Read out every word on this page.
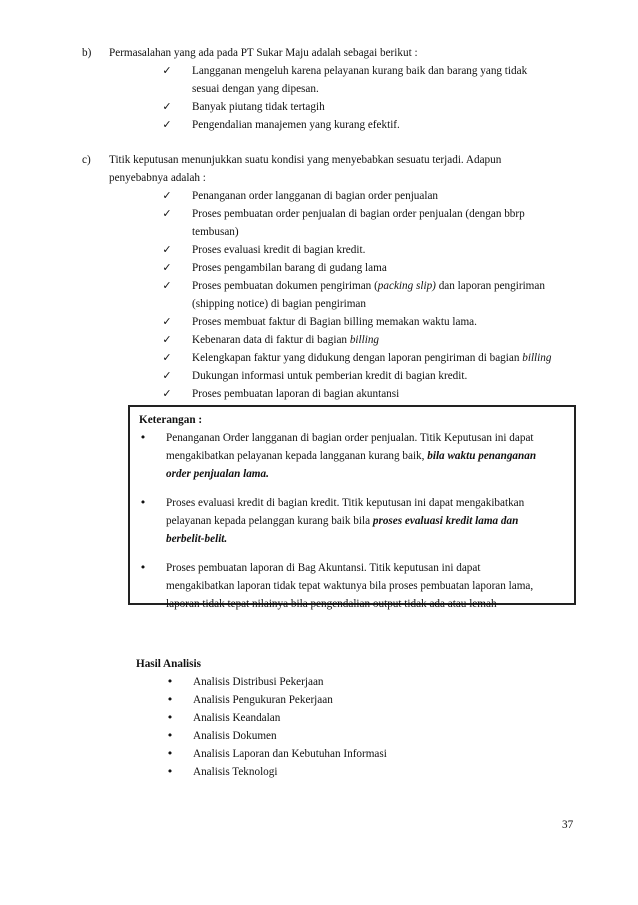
b) Permasalahan yang ada pada PT Sukar Maju adalah sebagai berikut :
✓ Langganan mengeluh karena pelayanan kurang baik dan barang yang tidak
sesuai dengan yang dipesan.
✓ Banyak piutang tidak tertagih
✓ Pengendalian manajemen yang kurang efektif.
c) Titik keputusan menunjukkan suatu kondisi yang menyebabkan sesuatu terjadi. Adapun
penyebabnya adalah :
✓ Penanganan order langganan di bagian order penjualan
✓ Proses pembuatan order penjualan di bagian order penjualan (dengan bbrp
tembusan)
✓ Proses evaluasi kredit di bagian kredit.
✓ Proses pengambilan barang di gudang lama
✓ Proses pembuatan dokumen pengiriman (packing slip) dan laporan pengiriman
(shipping notice) di bagian pengiriman
✓ Proses membuat faktur di Bagian billing memakan waktu lama.
✓ Kebenaran data di faktur di bagian billing
✓ Kelengkapan faktur yang didukung dengan laporan pengiriman di bagian billing
✓ Dukungan informasi untuk pemberian kredit di bagian kredit.
✓ Proses pembuatan laporan di bagian akuntansi
Keterangan :
•	Penanganan Order langganan di bagian order penjualan. Titik Keputusan ini dapat
mengakibatkan pelayanan kepada langganan kurang baik, bila waktu penanganan
order penjualan lama.
•	Proses evaluasi kredit di bagian kredit. Titik keputusan ini dapat mengakibatkan
pelayanan kepada pelanggan kurang baik bila proses evaluasi kredit lama dan
berbelit-belit.
•	Proses pembuatan laporan di Bag Akuntansi. Titik keputusan ini dapat
mengakibatkan laporan tidak tepat waktunya bila proses pembuatan laporan lama,
laporan tidak tepat nilainya bila pengendalian output tidak ada atau lemah
Hasil Analisis
•	Analisis Distribusi Pekerjaan
•	Analisis Pengukuran Pekerjaan
•	Analisis Keandalan
•	Analisis Dokumen
•	Analisis Laporan dan Kebutuhan Informasi
•	Analisis Teknologi
37
